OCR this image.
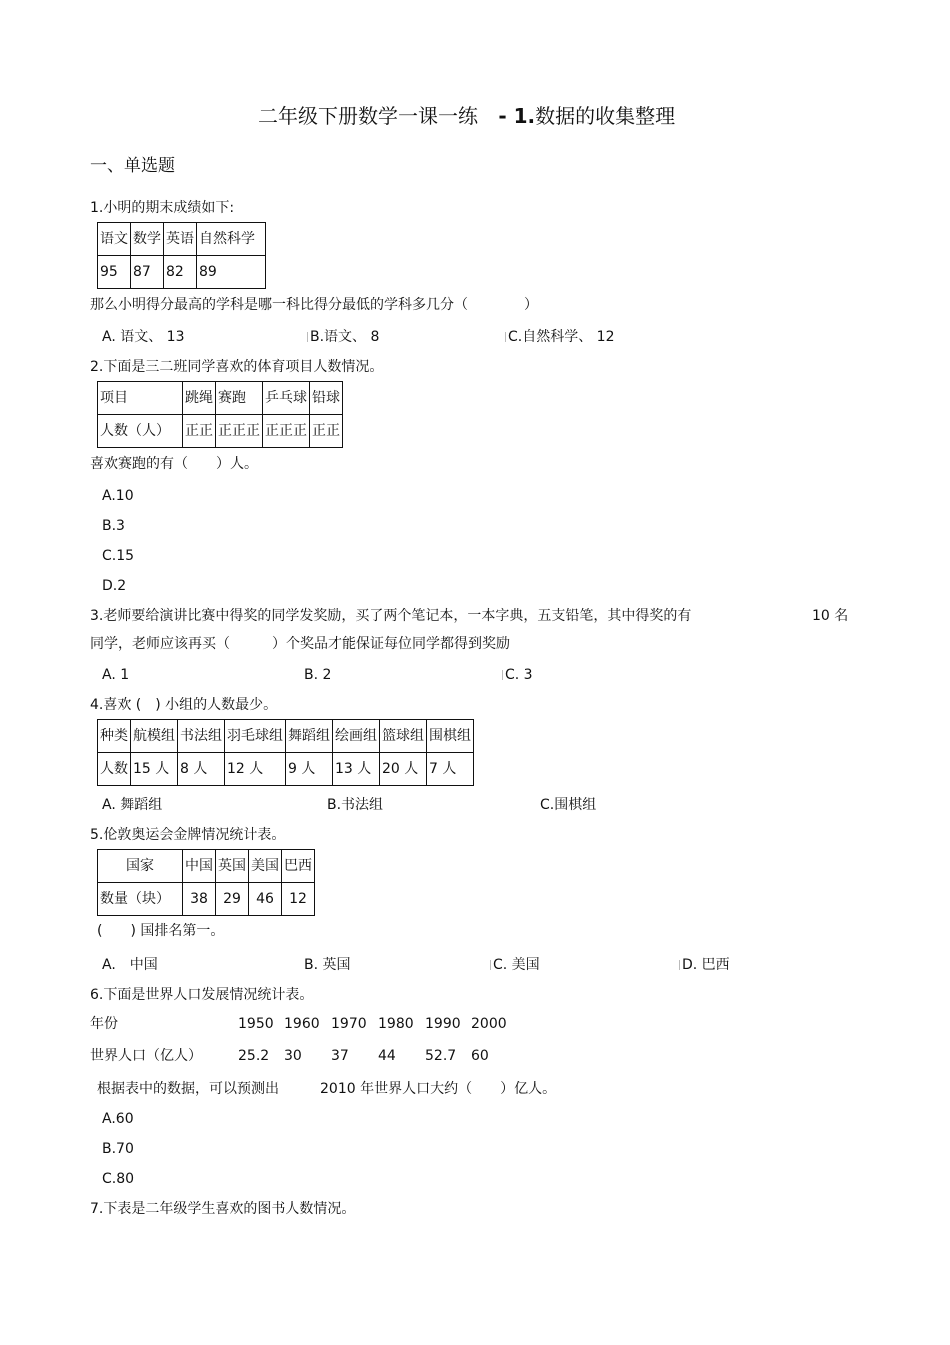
二年级下册数学一课一练 - 1.数据的收集整理
一、单选题
1.小明的期末成绩如下:
语文	数学	英语	自然科学
95	87	82	89
那么小明得分最高的学科是哪一科比得分最低的学科多几分（　　　　）
A. 语文、 13	B.语文、 8	C.自然科学、 12
2.下面是三二班同学喜欢的体育项目人数情况。
项目	跳绳	赛跑	乒乓球	铅球
人数（人）	正正	正正正	正正正	正正
喜欢赛跑的有（　　）人。
A.10
B.3
C.15
D.2
3.老师要给演讲比赛中得奖的同学发奖励，买了两个笔记本，一本字典，五支铅笔，其中得奖的有	10 名
同学，老师应该再买（　　　）个奖品才能保证每位同学都得到奖励
A. 1	B. 2	C. 3
4.喜欢 (　) 小组的人数最少。
种类	航模组	书法组	羽毛球组	舞蹈组	绘画组	篮球组	围棋组
人数	15 人	8 人	12 人	9 人	13 人	20 人	7 人
A. 舞蹈组	B.书法组	C.围棋组
5.伦敦奥运会金牌情况统计表。
国家	中国	英国	美国	巴西
数量（块）	38	29	46	12
(　　) 国排名第一。
A.　中国	B. 英国	C. 美国	D. 巴西
6.下面是世界人口发展情况统计表。
年份	1950 1960 1970 1980 1990 2000
世界人口（亿人）	25.2 30 37 44 52.7 60
根据表中的数据，可以预测出	2010 年世界人口大约（　　）亿人。
A.60
B.70
C.80
7.下表是二年级学生喜欢的图书人数情况。
